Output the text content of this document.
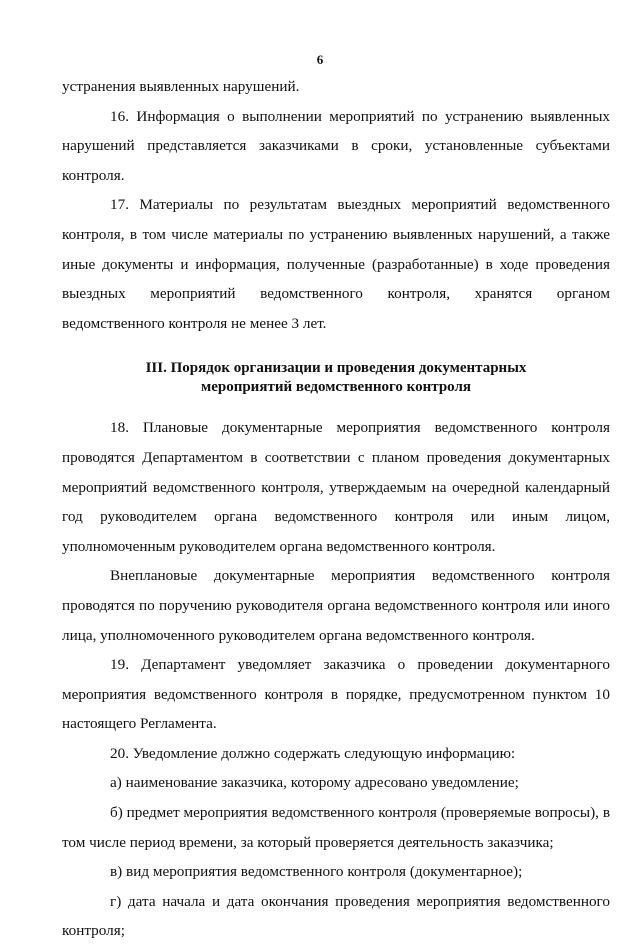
6

устранения выявленных нарушений.

16. Информация о выполнении мероприятий по устранению выявленных нарушений представляется заказчиками в сроки, установленные субъектами контроля.

17. Материалы по результатам выездных мероприятий ведомственного контроля, в том числе материалы по устранению выявленных нарушений, а также иные документы и информация, полученные (разработанные) в ходе проведения выездных мероприятий ведомственного контроля, хранятся органом ведомственного контроля не менее 3 лет.

III. Порядок организации и проведения документарных
мероприятий ведомственного контроля

18. Плановые документарные мероприятия ведомственного контроля проводятся Департаментом в соответствии с планом проведения документарных мероприятий ведомственного контроля, утверждаемым на очередной календарный год руководителем органа ведомственного контроля или иным лицом, уполномоченным руководителем органа ведомственного контроля.

Внеплановые документарные мероприятия ведомственного контроля проводятся по поручению руководителя органа ведомственного контроля или иного лица, уполномоченного руководителем органа ведомственного контроля.

19. Департамент уведомляет заказчика о проведении документарного мероприятия ведомственного контроля в порядке, предусмотренном пунктом 10 настоящего Регламента.

20. Уведомление должно содержать следующую информацию:

а) наименование заказчика, которому адресовано уведомление;

б) предмет мероприятия ведомственного контроля (проверяемые вопросы), в том числе период времени, за который проверяется деятельность заказчика;

в) вид мероприятия ведомственного контроля (документарное);

г) дата начала и дата окончания проведения мероприятия ведомственного контроля;
